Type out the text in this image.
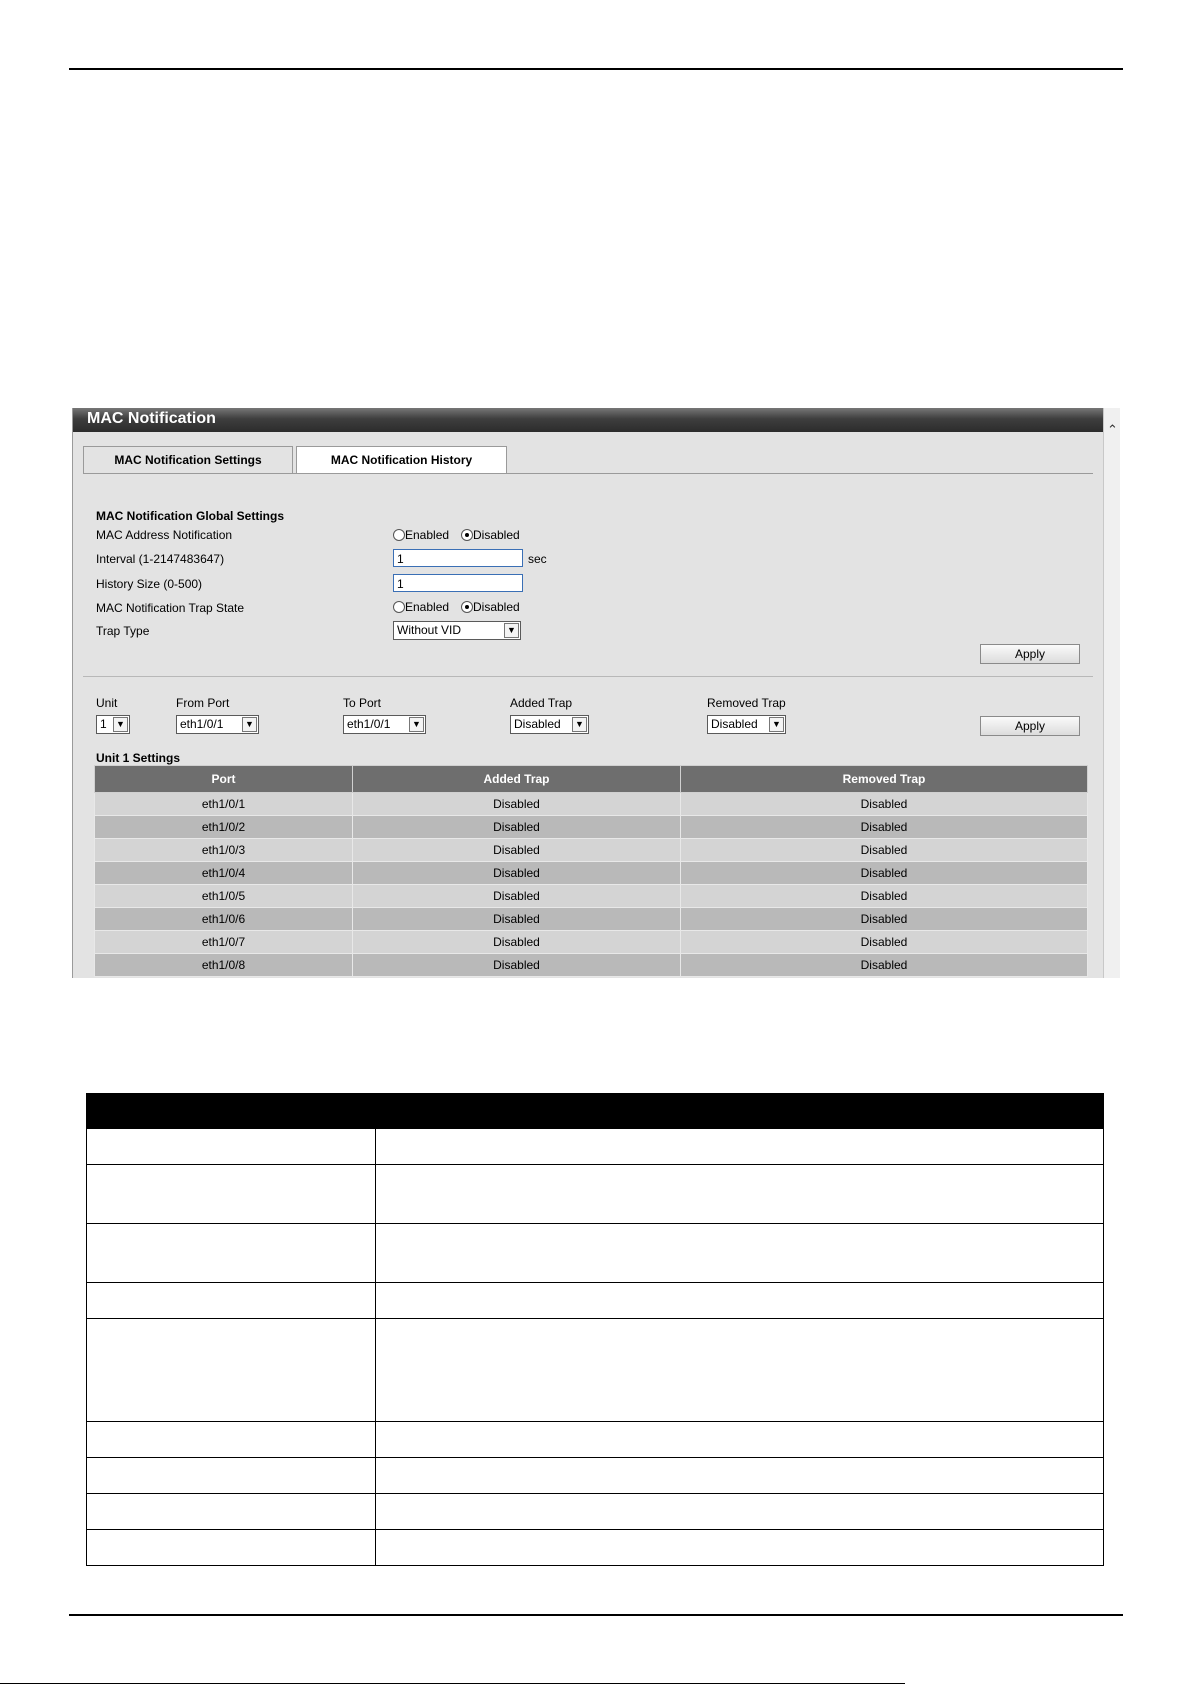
MAC Notification
⌃
MAC Notification Settings	MAC Notification History
MAC Notification Global Settings
MAC Address Notification	Enabled	Disabled
Interval (1-2147483647)	1	sec
History Size (0-500)	1
MAC Notification Trap State	Enabled	Disabled
Trap Type	Without VID	▼
Apply
Unit	From Port	To Port	Added Trap	Removed Trap
1	▼	eth1/0/1	▼	eth1/0/1	▼	Disabled	▼	Disabled	▼	Apply
Unit 1 Settings
Port	Added Trap	Removed Trap
eth1/0/1	Disabled	Disabled
eth1/0/2	Disabled	Disabled
eth1/0/3	Disabled	Disabled
eth1/0/4	Disabled	Disabled
eth1/0/5	Disabled	Disabled
eth1/0/6	Disabled	Disabled
eth1/0/7	Disabled	Disabled
eth1/0/8	Disabled	Disabled
